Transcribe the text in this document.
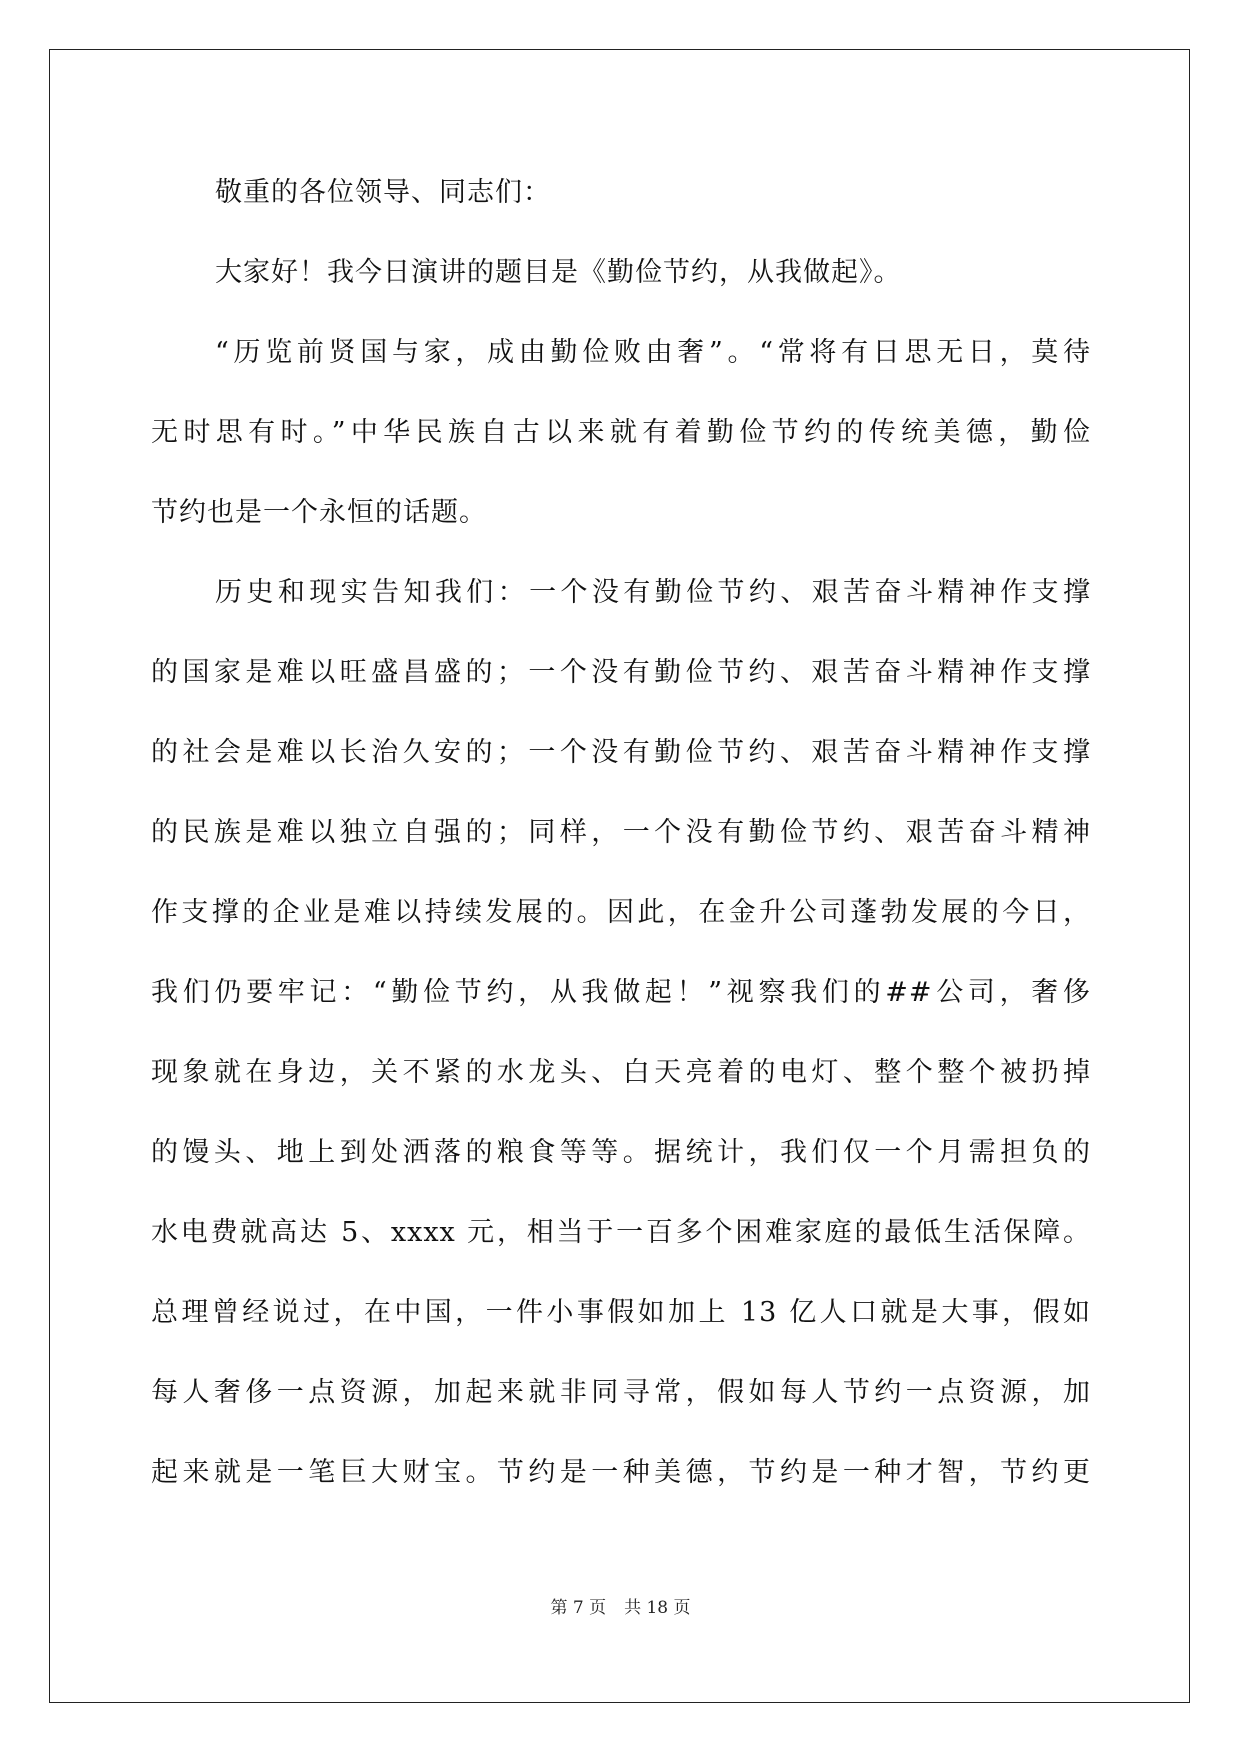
敬重的各位领导、同志们：
大家好！我今日演讲的题目是《勤俭节约，从我做起》。
“历览前贤国与家，成由勤俭败由奢”。“常将有日思无日，莫待
无时思有时。”中华民族自古以来就有着勤俭节约的传统美德，勤俭
节约也是一个永恒的话题。
历史和现实告知我们：一个没有勤俭节约、艰苦奋斗精神作支撑
的国家是难以旺盛昌盛的；一个没有勤俭节约、艰苦奋斗精神作支撑
的社会是难以长治久安的；一个没有勤俭节约、艰苦奋斗精神作支撑
的民族是难以独立自强的；同样，一个没有勤俭节约、艰苦奋斗精神
作支撑的企业是难以持续发展的。因此，在金升公司蓬勃发展的今日，
我们仍要牢记：“勤俭节约，从我做起！”视察我们的##公司，奢侈
现象就在身边，关不紧的水龙头、白天亮着的电灯、整个整个被扔掉
的馒头、地上到处洒落的粮食等等。据统计，我们仅一个月需担负的
水电费就高达 5、xxxx 元，相当于一百多个困难家庭的最低生活保障。
总理曾经说过，在中国，一件小事假如加上 13 亿人口就是大事，假如
每人奢侈一点资源，加起来就非同寻常，假如每人节约一点资源，加
起来就是一笔巨大财宝。节约是一种美德，节约是一种才智，节约更
第 7 页 共 18 页
